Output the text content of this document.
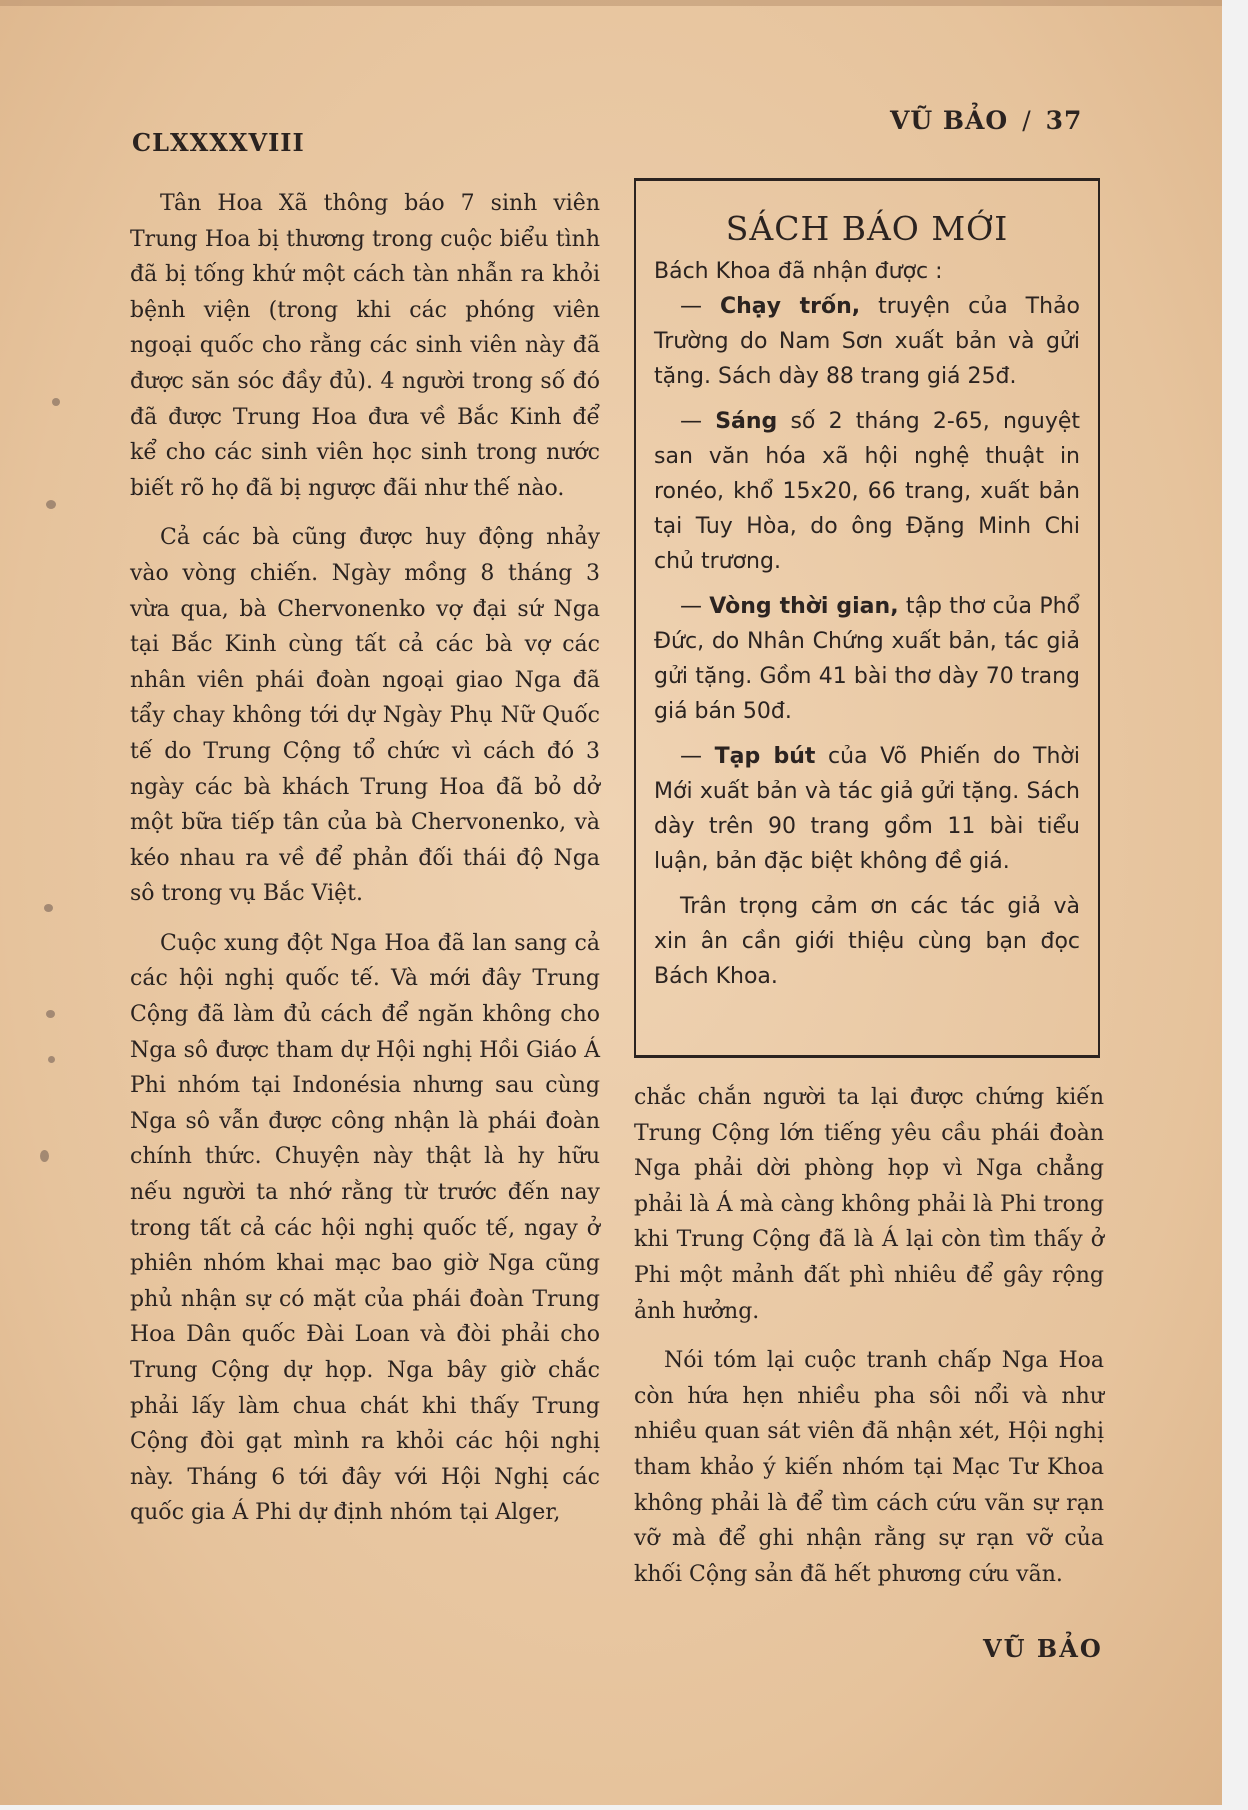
CLXXXXVIII
VŨ BẢO / 37

Tân Hoa Xã thông báo 7 sinh viên Trung Hoa bị thương trong cuộc biểu tình đã bị tống khứ một cách tàn nhẫn ra khỏi bệnh viện (trong khi các phóng viên ngoại quốc cho rằng các sinh viên này đã được săn sóc đầy đủ). 4 người trong số đó đã được Trung Hoa đưa về Bắc Kinh để kể cho các sinh viên học sinh trong nước biết rõ họ đã bị ngược đãi như thế nào.

Cả các bà cũng được huy động nhảy vào vòng chiến. Ngày mồng 8 tháng 3 vừa qua, bà Chervonenko vợ đại sứ Nga tại Bắc Kinh cùng tất cả các bà vợ các nhân viên phái đoàn ngoại giao Nga đã tẩy chay không tới dự Ngày Phụ Nữ Quốc tế do Trung Cộng tổ chức vì cách đó 3 ngày các bà khách Trung Hoa đã bỏ dở một bữa tiếp tân của bà Chervonenko, và kéo nhau ra về để phản đối thái độ Nga sô trong vụ Bắc Việt.

Cuộc xung đột Nga Hoa đã lan sang cả các hội nghị quốc tế. Và mới đây Trung Cộng đã làm đủ cách để ngăn không cho Nga sô được tham dự Hội nghị Hồi Giáo Á Phi nhóm tại Indonésia nhưng sau cùng Nga sô vẫn được công nhận là phái đoàn chính thức. Chuyện này thật là hy hữu nếu người ta nhớ rằng từ trước đến nay trong tất cả các hội nghị quốc tế, ngay ở phiên nhóm khai mạc bao giờ Nga cũng phủ nhận sự có mặt của phái đoàn Trung Hoa Dân quốc Đài Loan và đòi phải cho Trung Cộng dự họp. Nga bây giờ chắc phải lấy làm chua chát khi thấy Trung Cộng đòi gạt mình ra khỏi các hội nghị này. Tháng 6 tới đây với Hội Nghị các quốc gia Á Phi dự định nhóm tại Alger,

SÁCH BÁO MỚI
Bách Khoa đã nhận được :

— Chạy trốn, truyện của Thảo Trường do Nam Sơn xuất bản và gửi tặng. Sách dày 88 trang giá 25đ.

— Sáng số 2 tháng 2-65, nguyệt san văn hóa xã hội nghệ thuật in ronéo, khổ 15x20, 66 trang, xuất bản tại Tuy Hòa, do ông Đặng Minh Chi chủ trương.

— Vòng thời gian, tập thơ của Phổ Đức, do Nhân Chứng xuất bản, tác giả gửi tặng. Gồm 41 bài thơ dày 70 trang giá bán 50đ.

— Tạp bút của Võ Phiến do Thời Mới xuất bản và tác giả gửi tặng. Sách dày trên 90 trang gồm 11 bài tiểu luận, bản đặc biệt không đề giá.

Trân trọng cảm ơn các tác giả và xin ân cần giới thiệu cùng bạn đọc Bách Khoa.

chắc chắn người ta lại được chứng kiến Trung Cộng lớn tiếng yêu cầu phái đoàn Nga phải dời phòng họp vì Nga chẳng phải là Á mà càng không phải là Phi trong khi Trung Cộng đã là Á lại còn tìm thấy ở Phi một mảnh đất phì nhiêu để gây rộng ảnh hưởng.

Nói tóm lại cuộc tranh chấp Nga Hoa còn hứa hẹn nhiều pha sôi nổi và như nhiều quan sát viên đã nhận xét, Hội nghị tham khảo ý kiến nhóm tại Mạc Tư Khoa không phải là để tìm cách cứu vãn sự rạn vỡ mà để ghi nhận rằng sự rạn vỡ của khối Cộng sản đã hết phương cứu vãn.

VŨ BẢO
